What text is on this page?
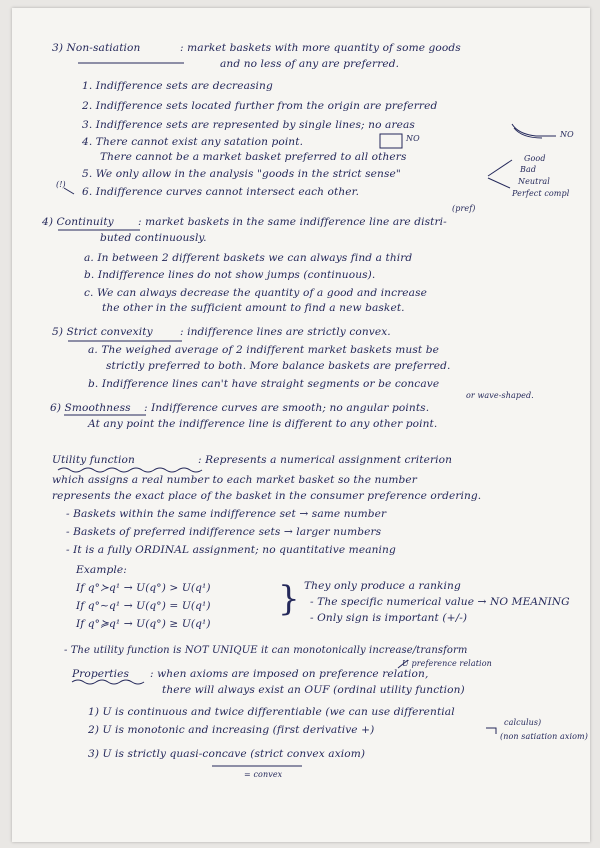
3) Non-satiation	: market baskets with more quantity of some goods
and no less of any are preferred.
1. Indifference sets are decreasing
2. Indifference sets located further from the origin are preferred
3. Indifference sets are represented by single lines; no areas
NO
4. There cannot exist any satation point.	NO
There cannot be a market basket preferred to all others
5. We only allow in the analysis "goods in the strict sense"
Good
Bad
Neutral
Perfect compl
(!)
6. Indifference curves cannot intersect each other.
(pref)
4) Continuity : market baskets in the same indifference line are distri-
buted continuously.
a. In between 2 different baskets we can always find a third
b. Indifference lines do not show jumps (continuous).
c. We can always decrease the quantity of a good and increase
the other in the sufficient amount to find a new basket.
5) Strict convexity	: indifference lines are strictly convex.
a. The weighed average of 2 indifferent market baskets must be
strictly preferred to both. More balance baskets are preferred.
b. Indifference lines can't have straight segments or be concave
or wave-shaped.
6) Smoothness : Indifference curves are smooth; no angular points.
At any point the indifference line is different to any other point.
Utility function	: Represents a numerical assignment criterion
which assigns a real number to each market basket so the number
represents the exact place of the basket in the consumer preference ordering.
- Baskets within the same indifference set → same number
- Baskets of preferred indifference sets → larger numbers
- It is a fully ORDINAL assignment; no quantitative meaning
Example:
If q°≻q¹ → U(q°) > U(q¹)
If q°∼q¹ → U(q°) = U(q¹)
If q°≽q¹ → U(q°) ≥ U(q¹)
} They only produce a ranking
- The specific numerical value → NO MEANING
- Only sign is important (+/-)
- The utility function is NOT UNIQUE it can monotonically increase/transform
U preference relation
Properties : when axioms are imposed on preference relation,
there will always exist an OUF (ordinal utility function)
1) U is continuous and twice differentiable (we can use differential
calculus)
2) U is monotonic and increasing (first derivative +)
(non satiation axiom)
3) U is strictly quasi-concave (strict convex axiom)
= convex
